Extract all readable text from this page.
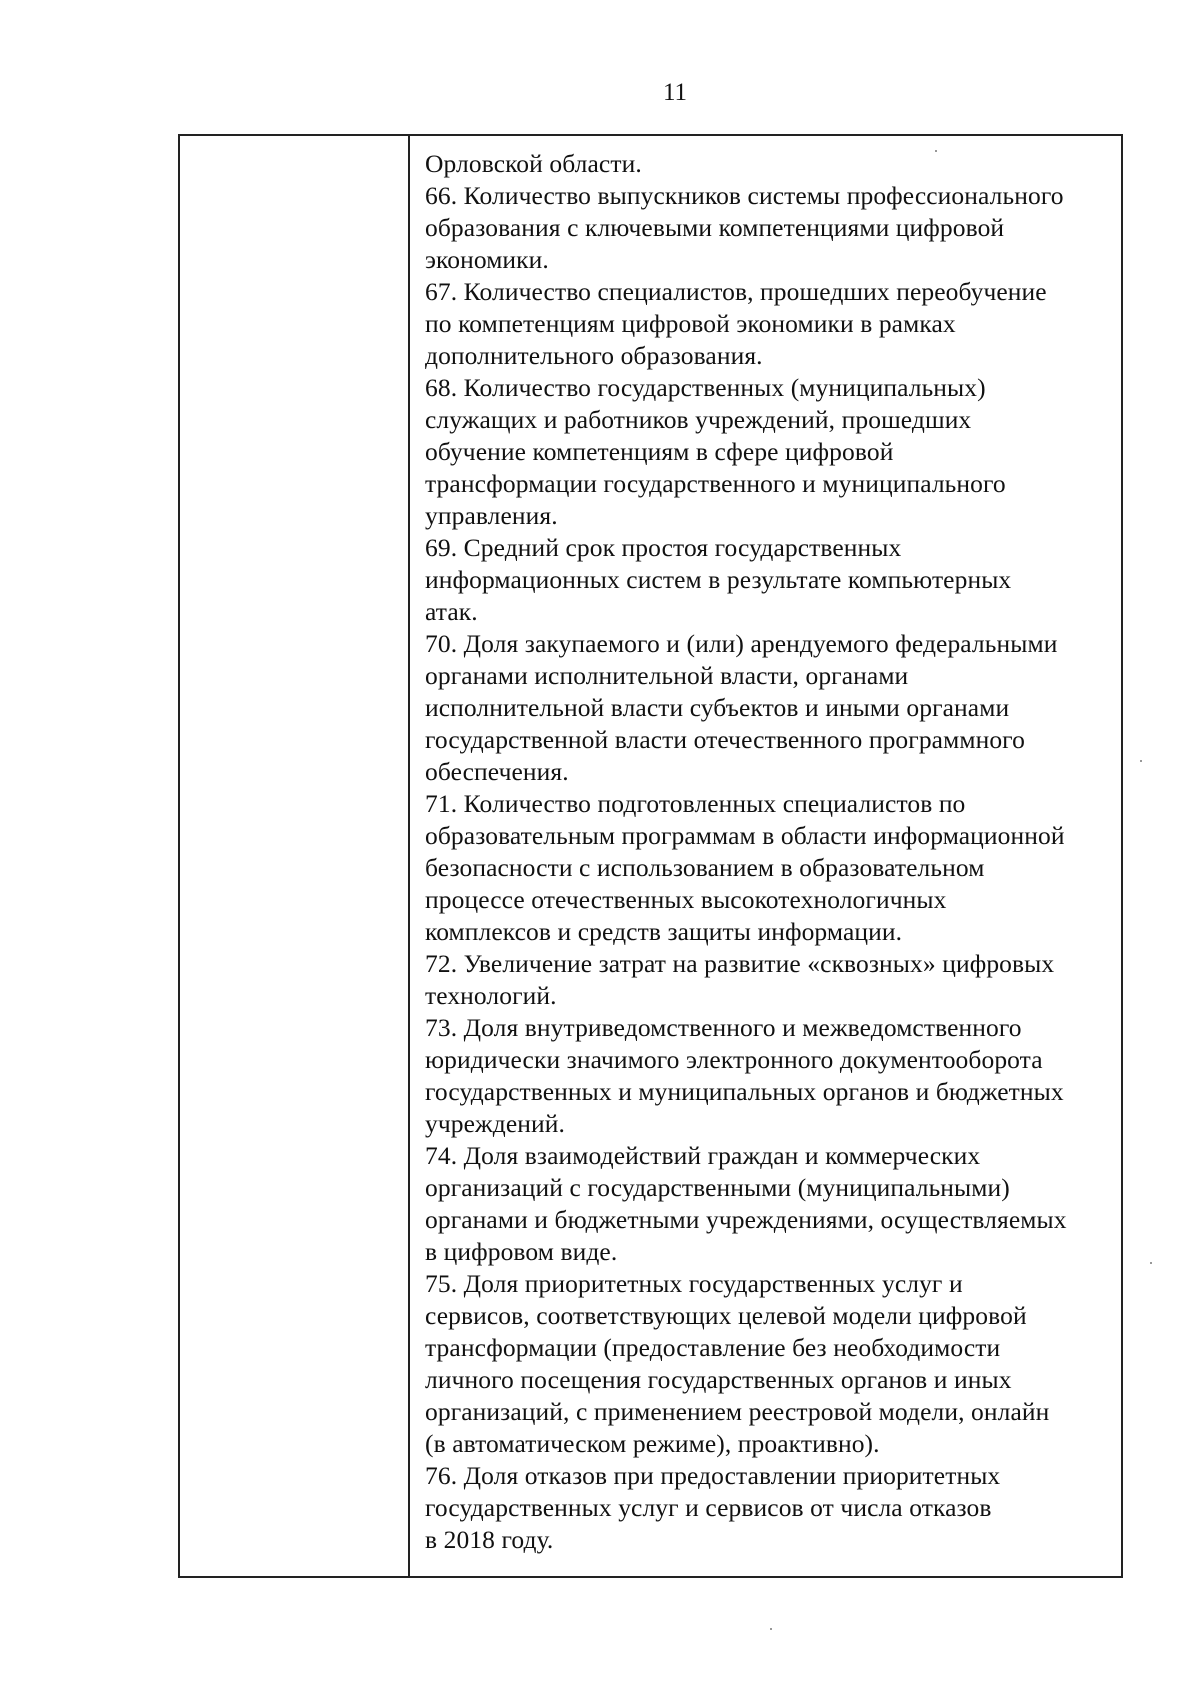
11
Орловской области.
66. Количество выпускников системы профессионального
образования с ключевыми компетенциями цифровой
экономики.
67. Количество специалистов, прошедших переобучение
по компетенциям цифровой экономики в рамках
дополнительного образования.
68. Количество государственных (муниципальных)
служащих и работников учреждений, прошедших
обучение компетенциям в сфере цифровой
трансформации государственного и муниципального
управления.
69. Средний срок простоя государственных
информационных систем в результате компьютерных
атак.
70. Доля закупаемого и (или) арендуемого федеральными
органами исполнительной власти, органами
исполнительной власти субъектов и иными органами
государственной власти отечественного программного
обеспечения.
71. Количество подготовленных специалистов по
образовательным программам в области информационной
безопасности с использованием в образовательном
процессе отечественных высокотехнологичных
комплексов и средств защиты информации.
72. Увеличение затрат на развитие «сквозных» цифровых
технологий.
73. Доля внутриведомственного и межведомственного
юридически значимого электронного документооборота
государственных и муниципальных органов и бюджетных
учреждений.
74. Доля взаимодействий граждан и коммерческих
организаций с государственными (муниципальными)
органами и бюджетными учреждениями, осуществляемых
в цифровом виде.
75. Доля приоритетных государственных услуг и
сервисов, соответствующих целевой модели цифровой
трансформации (предоставление без необходимости
личного посещения государственных органов и иных
организаций, с применением реестровой модели, онлайн
(в автоматическом режиме), проактивно).
76. Доля отказов при предоставлении приоритетных
государственных услуг и сервисов от числа отказов
в 2018 году.
